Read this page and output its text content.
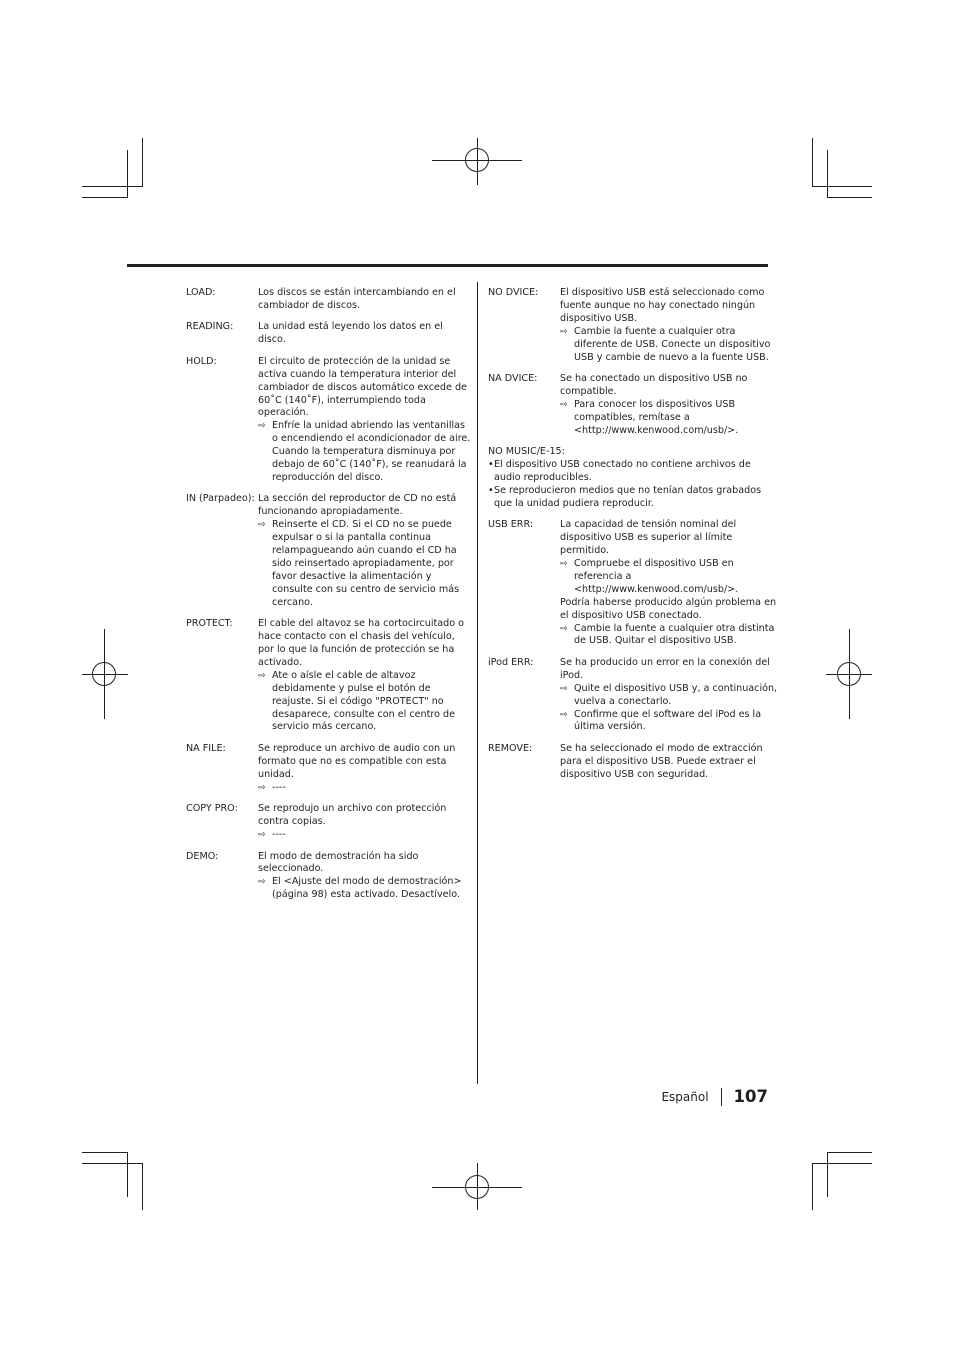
LOAD:	Los discos se están intercambiando en el cambiador de discos.
READING:	La unidad está leyendo los datos en el disco.
HOLD:	El circuito de protección de la unidad se activa cuando la temperatura interior del cambiador de discos automático excede de 60˚C (140˚F), interrumpiendo toda operación.
⇨ Enfríe la unidad abriendo las ventanillas o encendiendo el acondicionador de aire. Cuando la temperatura disminuya por debajo de 60˚C (140˚F), se reanudará la reproducción del disco.
IN (Parpadeo): La sección del reproductor de CD no está funcionando apropiadamente.
⇨ Reinserte el CD. Si el CD no se puede expulsar o si la pantalla continua relampagueando aún cuando el CD ha sido reinsertado apropiadamente, por favor desactive la alimentación y consulte con su centro de servicio más cercano.
PROTECT:	El cable del altavoz se ha cortocircuitado o hace contacto con el chasis del vehículo, por lo que la función de protección se ha activado.
⇨ Ate o aísle el cable de altavoz debidamente y pulse el botón de reajuste. Si el código "PROTECT" no desaparece, consulte con el centro de servicio más cercano.
NA FILE:	Se reproduce un archivo de audio con un formato que no es compatible con esta unidad.
⇨ ----
COPY PRO:	Se reprodujo un archivo con protección contra copias.
⇨ ----
DEMO:	El modo de demostración ha sido seleccionado.
⇨ El <Ajuste del modo de demostración> (página 98) esta activado. Desactívelo.
NO DVICE:	El dispositivo USB está seleccionado como fuente aunque no hay conectado ningún dispositivo USB.
⇨ Cambie la fuente a cualquier otra diferente de USB. Conecte un dispositivo USB y cambie de nuevo a la fuente USB.
NA DVICE:	Se ha conectado un dispositivo USB no compatible.
⇨ Para conocer los dispositivos USB compatibles, remítase a <http://www.kenwood.com/usb/>.
NO MUSIC/E-15:
• El dispositivo USB conectado no contiene archivos de audio reproducibles.
• Se reproducieron medios que no tenían datos grabados que la unidad pudiera reproducir.
USB ERR:	La capacidad de tensión nominal del dispositivo USB es superior al límite permitido.
⇨ Compruebe el dispositivo USB en referencia a <http://www.kenwood.com/usb/>.
Podría haberse producido algún problema en el dispositivo USB conectado.
⇨ Cambie la fuente a cualquier otra distinta de USB. Quitar el dispositivo USB.
iPod ERR:	Se ha producido un error en la conexión del iPod.
⇨ Quite el dispositivo USB y, a continuación, vuelva a conectarlo.
⇨ Confirme que el software del iPod es la última versión.
REMOVE:	Se ha seleccionado el modo de extracción para el dispositivo USB. Puede extraer el dispositivo USB con seguridad.
Español	107
